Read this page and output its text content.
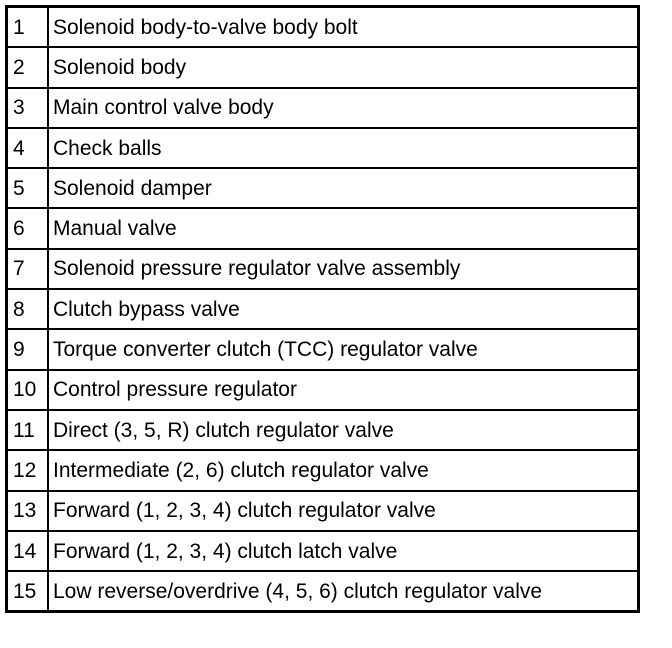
1	Solenoid body-to-valve body bolt
2	Solenoid body
3	Main control valve body
4	Check balls
5	Solenoid damper
6	Manual valve
7	Solenoid pressure regulator valve assembly
8	Clutch bypass valve
9	Torque converter clutch (TCC) regulator valve
10	Control pressure regulator
11	Direct (3, 5, R) clutch regulator valve
12	Intermediate (2, 6) clutch regulator valve
13	Forward (1, 2, 3, 4) clutch regulator valve
14	Forward (1, 2, 3, 4) clutch latch valve
15	Low reverse/overdrive (4, 5, 6) clutch regulator valve
